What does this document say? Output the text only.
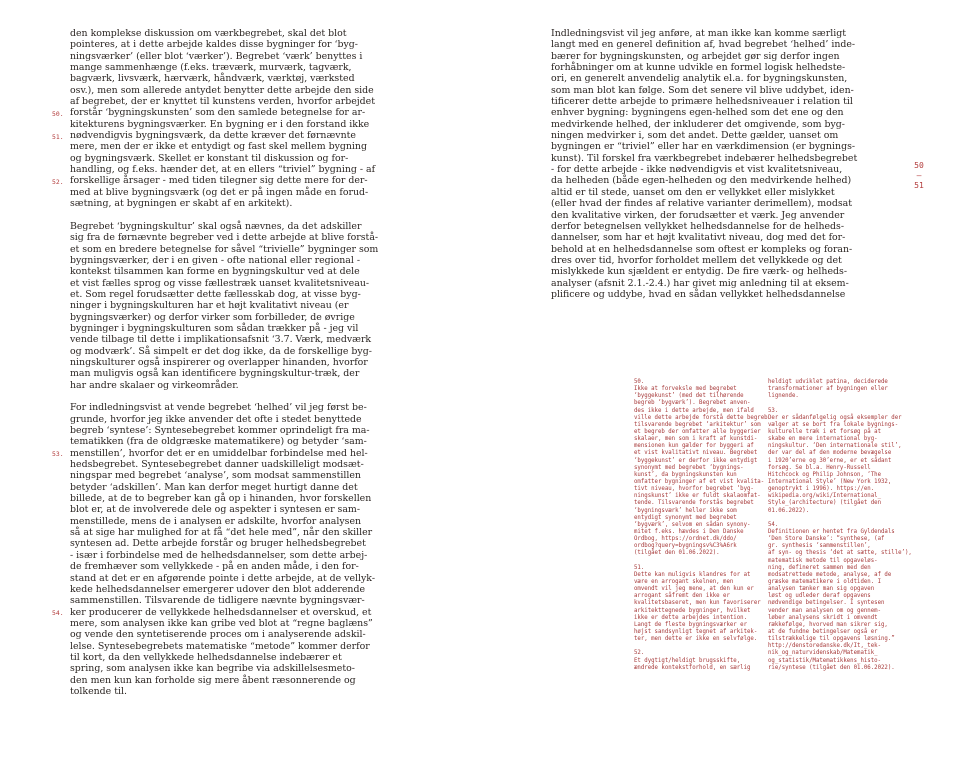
den komplekse diskussion om værkbegrebet, skal det blot
pointeres, at i dette arbejde kaldes disse bygninger for ‘byg-
ningsværker’ (eller blot ‘værker’). Begrebet ‘værk’ benyttes i
mange sammenhænge (f.eks. træværk, murværk, tagværk,
bagværk, livsværk, hærværk, håndværk, værktøj, værksted
osv.), men som allerede antydet benytter dette arbejde den side
af begrebet, der er knyttet til kunstens verden, hvorfor arbejdet
forstår ‘bygningskunsten’ som den samlede betegnelse for ar-
kitekturens bygningsværker. En bygning er i den forstand ikke
nødvendigvis bygningsværk, da dette kræver det førnævnte
mere, men der er ikke et entydigt og fast skel mellem bygning
og bygningsværk. Skellet er konstant til diskussion og for-
handling, og f.eks. hænder det, at en ellers “triviel” bygning - af
forskellige årsager - med tiden tilegner sig dette mere for der-
med at blive bygningsværk (og det er på ingen måde en forud-
sætning, at bygningen er skabt af en arkitekt).
Begrebet ‘bygningskultur’ skal også nævnes, da det adskiller
sig fra de førnævnte begreber ved i dette arbejde at blive forstå-
et som en bredere betegnelse for såvel “trivielle” bygninger som
bygningsværker, der i en given - ofte national eller regional -
kontekst tilsammen kan forme en bygningskultur ved at dele
et vist fælles sprog og visse fællestræk uanset kvalitetsniveau-
et. Som regel forudsætter dette fællesskab dog, at visse byg-
ninger i bygningskulturen har et højt kvalitativt niveau (er
bygningsværker) og derfor virker som forbilleder, de øvrige
bygninger i bygningskulturen som sådan trækker på - jeg vil
vende tilbage til dette i implikationsafsnit ‘3.7. Værk, medværk
og modværk’. Så simpelt er det dog ikke, da de forskellige byg-
ningskulturer også inspirerer og overlapper hinanden, hvorfor
man muligvis også kan identificere bygningskultur-træk, der
har andre skalaer og virkeområder.
For indledningsvist at vende begrebet ‘helhed’ vil jeg først be-
grunde, hvorfor jeg ikke anvender det ofte i stedet benyttede
begreb ‘syntese’: Syntesebegrebet kommer oprindeligt fra ma-
tematikken (fra de oldgræske matematikere) og betyder ‘sam-
menstillen’, hvorfor det er en umiddelbar forbindelse med hel-
hedsbegrebet. Syntesebegrebet danner uadskilleligt modsæt-
ningspar med begrebet ‘analyse’, som modsat sammenstillen
betyder ‘adskillen’. Man kan derfor meget hurtigt danne det
billede, at de to begreber kan gå op i hinanden, hvor forskellen
blot er, at de involverede dele og aspekter i syntesen er sam-
menstillede, mens de i analysen er adskilte, hvorfor analysen
så at sige har mulighed for at få “det hele med”, når den skiller
syntesen ad. Dette arbejde forstår og bruger helhedsbegrebet
- især i forbindelse med de helhedsdannelser, som dette arbej-
de fremhæver som vellykkede - på en anden måde, i den for-
stand at det er en afgørende pointe i dette arbejde, at de vellyk-
kede helhedsdannelser emergerer udover den blot adderende
sammenstillen. Tilsvarende de tidligere nævnte bygningsvær-
ker producerer de vellykkede helhedsdannelser et overskud, et
mere, som analysen ikke kan gribe ved blot at “regne baglæns”
og vende den syntetiserende proces om i analyserende adskil-
lelse. Syntesebegrebets matematiske “metode” kommer derfor
til kort, da den vellykkede helhedsdannelse indebærer et
spring, som analysen ikke kan begribe via adskillelsesmeto-
den men kun kan forholde sig mere åbent ræsonnerende og
tolkende til.
50.
51.
52.
53.
54.
Indledningsvist vil jeg anføre, at man ikke kan komme særligt
langt med en generel definition af, hvad begrebet ‘helhed’ inde-
bærer for bygningskunsten, og arbejdet gør sig derfor ingen
forhåbninger om at kunne udvikle en formel logisk helhedste-
ori, en generelt anvendelig analytik el.a. for bygningskunsten,
som man blot kan følge. Som det senere vil blive uddybet, iden-
tificerer dette arbejde to primære helhedsniveauer i relation til
enhver bygning: bygningens egen-helhed som det ene og den
medvirkende helhed, der inkluderer det omgivende, som byg-
ningen medvirker i, som det andet. Dette gælder, uanset om
bygningen er “triviel” eller har en værkdimension (er bygnings-
kunst). Til forskel fra værkbegrebet indebærer helhedsbegrebet
- for dette arbejde - ikke nødvendigvis et vist kvalitetsniveau,
da helheden (både egen-helheden og den medvirkende helhed)
altid er til stede, uanset om den er vellykket eller mislykket
(eller hvad der findes af relative varianter derimellem), modsat
den kvalitative virken, der forudsætter et værk. Jeg anvender
derfor betegnelsen vellykket helhedsdannelse for de helheds-
dannelser, som har et højt kvalitativt niveau, dog med det for-
behold at en helhedsdannelse som oftest er kompleks og foran-
dres over tid, hvorfor forholdet mellem det vellykkede og det
mislykkede kun sjældent er entydig. De fire værk- og helheds-
analyser (afsnit 2.1.-2.4.) har givet mig anledning til at eksem-
plificere og uddybe, hvad en sådan vellykket helhedsdannelse
50
—
51
50.
Ikke at forveksle med begrebet
‘byggekunst’ (med det tilhørende
begreb ‘bygværk’). Begrebet anven-
des ikke i dette arbejde, men ifald
ville dette arbejde forstå dette begreb
tilsvarende begrebet ‘arkitektur’ som
et begreb der omfatter alle byggerier
skalaer, men som i kraft af kunstdi-
mensionen kun gælder for byggeri af
et vist kvalitativt niveau. Begrebet
‘byggekunst’ er derfor ikke entydigt
synonymt med begrebet ‘bygnings-
kunst’, da bygningskunsten kun
omfatter bygninger af et vist kvalita-
tivt niveau, hvorfor begrebet ‘byg-
ningskunst’ ikke er fuldt skalaomfat-
tende. Tilsvarende forstås begrebet
‘bygningsværk’ heller ikke som
entydigt synonymt med begrebet
‘bygværk’, selvom en sådan synony-
mitet f.eks. hævdes i Den Danske
Ordbog, https://ordnet.dk/ddo/
ordbog?query=bygningsv%C3%A6rk
(tilgået den 01.06.2022).
51.
Dette kan muligvis klandres for at
være en arrogant skelnen, men
omvendt vil jeg mene, at den kun er
arrogant såfremt den ikke er
kvalitetsbaseret, men kun favoriserer
arkitekttegnede bygninger, hvilket
ikke er dette arbejdes intention.
Langt de fleste bygningsværker er
højst sandsynligt tegnet af arkitek-
ter, men dette er ikke en selvfølge.
52.
Et dygtigt/heldigt brugsskifte,
ændrede kontekstforhold, en særlig
heldigt udviklet patina, deciderede
transformationer af bygningen eller
lignende.
53.
Der er sådanfølgelig også eksempler der
vælger at se bort fra lokale bygnings-
kulturelle træk i et forsøg på at
skabe en mere international byg-
ningskultur. ‘Den internationale stil’,
der var del af den moderne bevægelse
i 1920’erne og 30’erne, er et sådant
forsøg. Se bl.a. Henry-Russell
Hitchcock og Philip Johnson, ‘The
International Style’ (New York 1932,
genoptrykt i 1996). https://en.
wikipedia.org/wiki/International_
Style_(architecture) (tilgået den
01.06.2022).
54.
Definitionen er hentet fra Gyldendals
‘Den Store Danske’: “synthese, (af
gr. synthesis ‘sammenstillen’,
af syn- og thesis ‘det at sætte, stille’),
matematisk metode til opgaveløs-
ning, defineret sammen med den
modsatrettede metode, analyse, af de
græske matematikere i oldtiden. I
analysen tænker man sig opgaven
løst og udleder deraf opgavens
nødvendige betingelser. I syntesen
vender man analysen om og gennem-
løber analysens skridt i omvendt
rækkefølge, hvorved man sikrer sig,
at de fundne betingelser også er
tilstrækkelige til opgavens løsning.”
http://denstoredanske.dk/It,_tek-
nik_og_naturvidenskab/Matematik_
og_statistik/Matematikkens_histo-
rie/syntese (tilgået den 01.06.2022).
